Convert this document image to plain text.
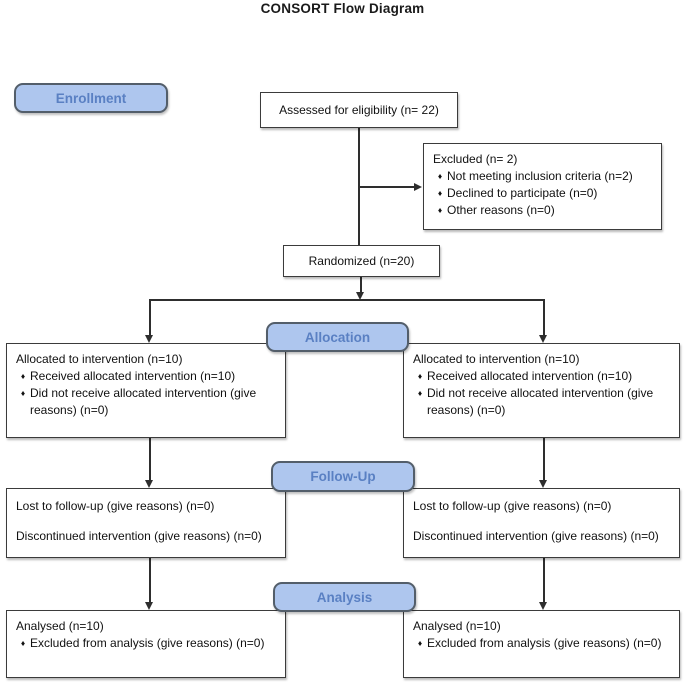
CONSORT Flow Diagram
Enrollment
Assessed for eligibility (n= 22)
Excluded (n= 2)
♦ Not meeting inclusion criteria (n=2)
♦ Declined to participate (n=0)
♦ Other reasons (n=0)
Randomized (n=20)
Allocation
Allocated to intervention (n=10)
♦ Received allocated intervention (n=10)
♦ Did not receive allocated intervention (give reasons) (n=0)
Allocated to intervention (n=10)
♦ Received allocated intervention (n=10)
♦ Did not receive allocated intervention (give reasons) (n=0)
Follow-Up
Lost to follow-up (give reasons) (n=0)
Discontinued intervention (give reasons) (n=0)
Lost to follow-up (give reasons) (n=0)
Discontinued intervention (give reasons) (n=0)
Analysis
Analysed (n=10)
♦ Excluded from analysis (give reasons) (n=0)
Analysed (n=10)
♦ Excluded from analysis (give reasons) (n=0)
